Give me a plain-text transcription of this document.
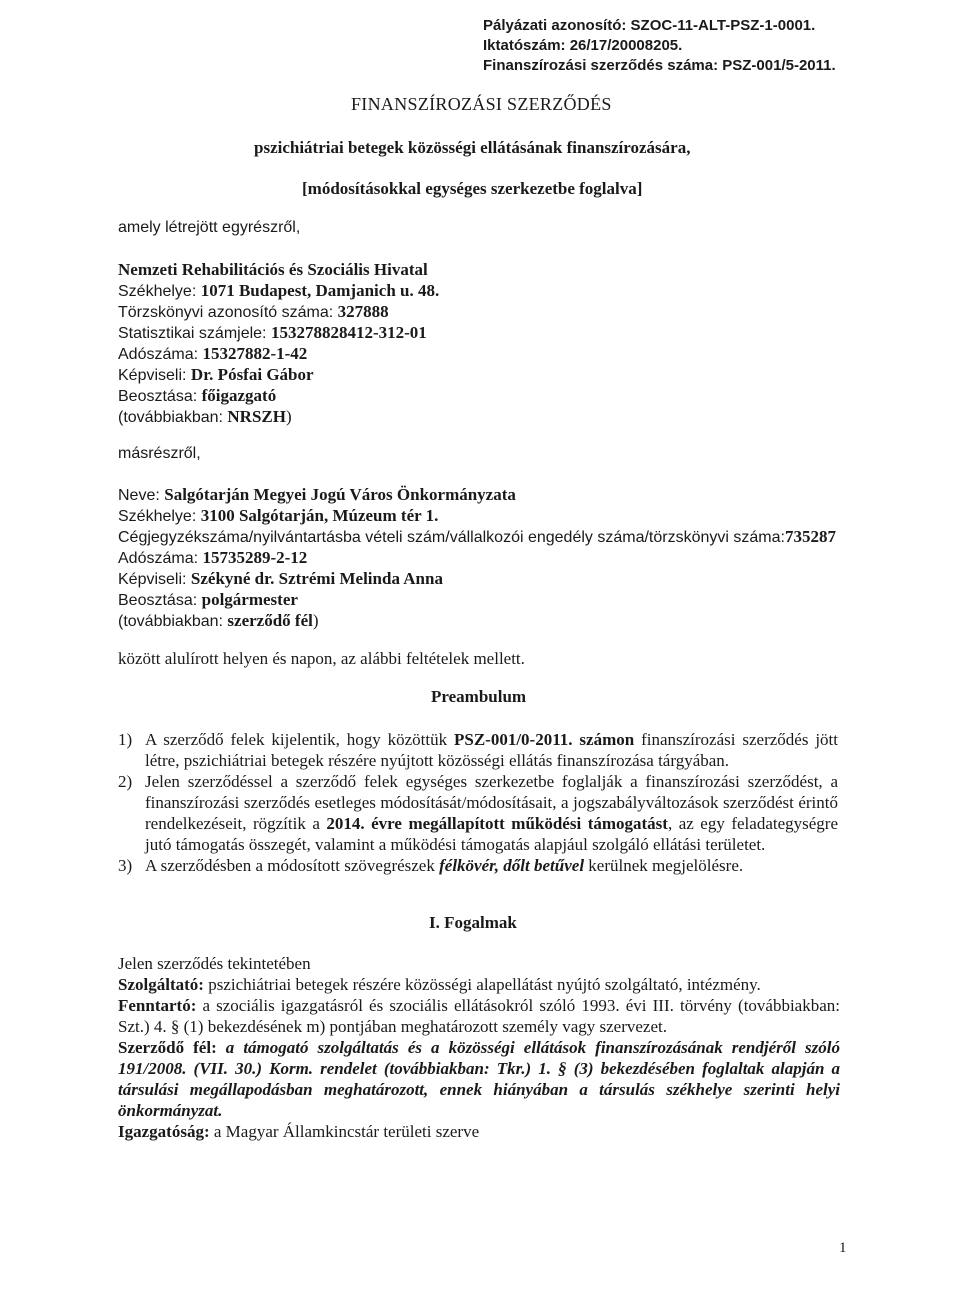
Pályázati azonosító: SZOC-11-ALT-PSZ-1-0001.
Iktatószám: 26/17/20008205.
Finanszírozási szerződés száma: PSZ-001/5-2011.
FINANSZÍROZÁSI SZERZŐDÉS
pszichiátriai betegek közösségi ellátásának finanszírozására,
[módosításokkal egységes szerkezetbe foglalva]
amely létrejött egyrészről,
Nemzeti Rehabilitációs és Szociális Hivatal
Székhelye: 1071 Budapest, Damjanich u. 48.
Törzskönyvi azonosító száma: 327888
Statisztikai számjele: 153278828412-312-01
Adószáma: 15327882-1-42
Képviseli: Dr. Pósfai Gábor
Beosztása: főigazgató
(továbbiakban: NRSZH)
másrészről,
Neve: Salgótarján Megyei Jogú Város Önkormányzata
Székhelye: 3100 Salgótarján, Múzeum tér 1.
Cégjegyzékszáma/nyilvántartásba vételi szám/vállalkozói engedély száma/törzskönyvi száma:735287
Adószáma: 15735289-2-12
Képviseli: Székyné dr. Sztrémi Melinda Anna
Beosztása: polgármester
(továbbiakban: szerződő fél)
között alulírott helyen és napon, az alábbi feltételek mellett.
Preambulum
1) A szerződő felek kijelentik, hogy közöttük PSZ-001/0-2011. számon finanszírozási szerződés jött létre, pszichiátriai betegek részére nyújtott közösségi ellátás finanszírozása tárgyában.
2) Jelen szerződéssel a szerződő felek egységes szerkezetbe foglalják a finanszírozási szerződést, a finanszírozási szerződés esetleges módosítását/módosításait, a jogszabályváltozások szerződést érintő rendelkezéseit, rögzítik a 2014. évre megállapított működési támogatást, az egy feladategységre jutó támogatás összegét, valamint a működési támogatás alapjául szolgáló ellátási területet.
3) A szerződésben a módosított szövegrészek félkövér, dőlt betűvel kerülnek megjelölésre.
I. Fogalmak
Jelen szerződés tekintetében
Szolgáltató: pszichiátriai betegek részére közösségi alapellátást nyújtó szolgáltató, intézmény.
Fenntartó: a szociális igazgatásról és szociális ellátásokról szóló 1993. évi III. törvény (továbbiakban: Szt.) 4. § (1) bekezdésének m) pontjában meghatározott személy vagy szervezet.
Szerződő fél: a támogató szolgáltatás és a közösségi ellátások finanszírozásának rendjéről szóló 191/2008. (VII. 30.) Korm. rendelet (továbbiakban: Tkr.) 1. § (3) bekezdésében foglaltak alapján a társulási megállapodásban meghatározott, ennek hiányában a társulás székhelye szerinti helyi önkormányzat.
Igazgatóság: a Magyar Államkincstár területi szerve
1
